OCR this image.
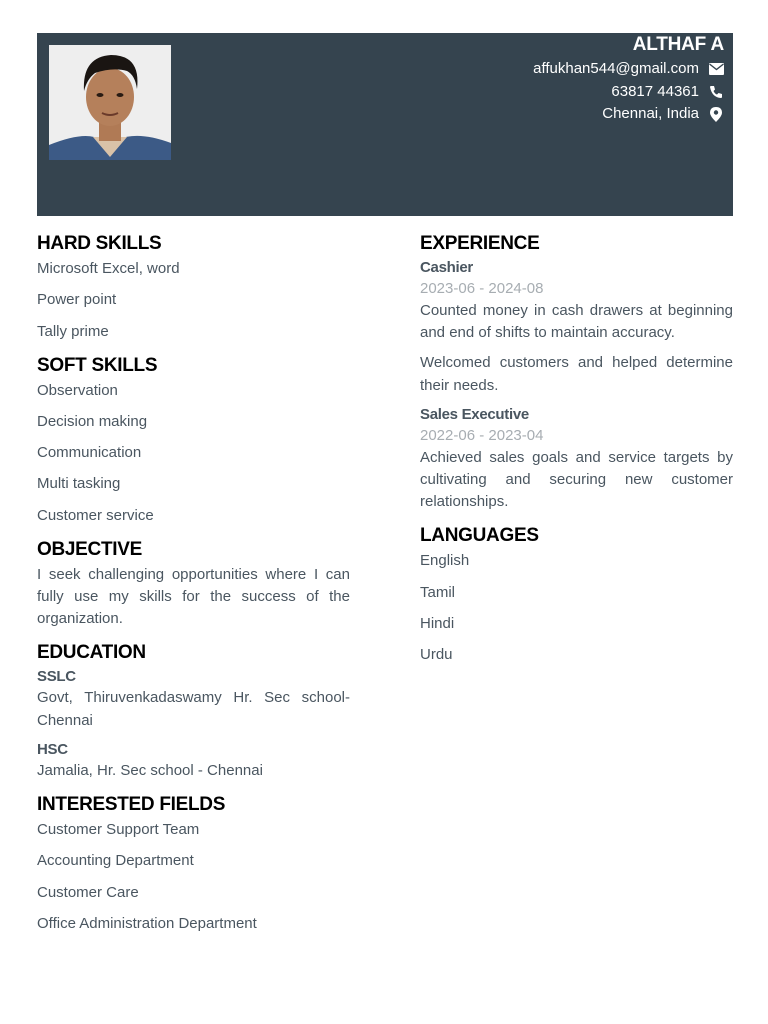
ALTHAF A
affukhan544@gmail.com
63817 44361
Chennai, India
HARD SKILLS
Microsoft Excel, word
Power point
Tally prime
SOFT SKILLS
Observation
Decision making
Communication
Multi tasking
Customer service
OBJECTIVE

I seek challenging opportunities where I can fully use my skills for the success of the organization.

EDUCATION
SSLC

Govt, Thiruvenkadaswamy Hr. Sec school-Chennai

HSC

Jamalia, Hr. Sec school - Chennai

INTERESTED FIELDS
Customer Support Team
Accounting Department
Customer Care
Office Administration Department
EXPERIENCE
Cashier
2023-06 - 2024-08

Counted money in cash drawers at beginning and end of shifts to maintain accuracy.

Welcomed customers and helped determine their needs.

Sales Executive
2022-06 - 2023-04

Achieved sales goals and service targets by cultivating and securing new customer relationships.

LANGUAGES
English
Tamil
Hindi
Urdu
